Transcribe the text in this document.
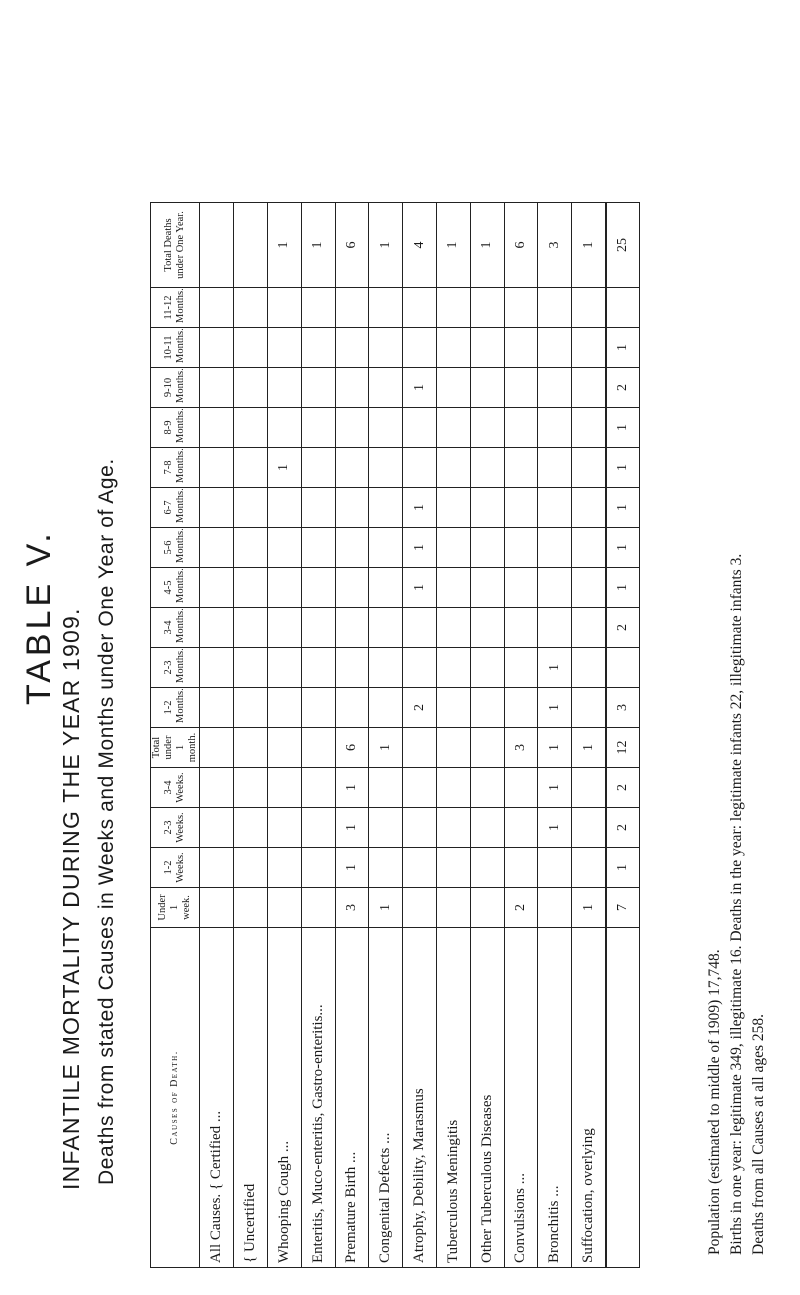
TABLE V. INFANTILE MORTALITY DURING THE YEAR 1909. Deaths from stated Causes in Weeks and Months under One Year of Age.	Causes of Death.	Under 1 week.	1-2 Weeks.	2-3 Weeks.	3-4 Weeks.	Total under 1 month.	1-2 Months.	2-3 Months.	3-4 Months.	4-5 Months.	5-6 Months.	6-7 Months.	7-8 Months.	8-9 Months.	9-10 Months.	10-11 Months.	11-12 Months.	Total Deaths under One Year.
All Causes. { Certified ...																	
{ Uncertified																	
Whooping Cough ...												1					1
Enteritis, Muco-enteritis, Gastro-enteritis...																	1
Premature Birth ...	3	1	1	1	6												6
Congenital Defects ...	1				1												1
Atrophy, Debility, Marasmus						2			1	1	1			1			4
Tuberculous Meningitis																	1
Other Tuberculous Diseases																	1
Convulsions ...	2				3												6
Bronchitis ...			1	1	1	1	1										3
Suffocation, overlying	1				1												1
	7	1	2	2	12	3		2	1	1	1	1	1	2	1		25
Population (estimated to middle of 1909) 17,748. Births in one year: legitimate 349, illegitimate 16. Deaths in the year: legitimate infants 22, illegitimate infants 3. Deaths from all Causes at all ages 258.
